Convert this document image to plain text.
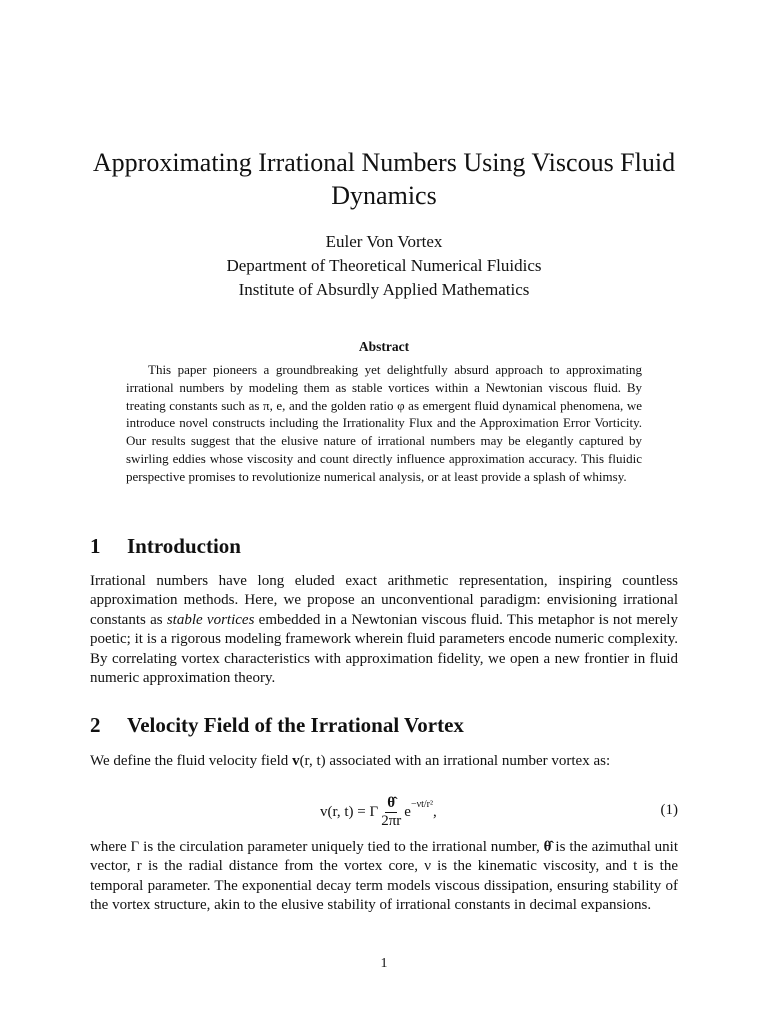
Approximating Irrational Numbers Using Viscous Fluid Dynamics
Euler Von Vortex
Department of Theoretical Numerical Fluidics
Institute of Absurdly Applied Mathematics
Abstract

This paper pioneers a groundbreaking yet delightfully absurd approach to approximating irrational numbers by modeling them as stable vortices within a Newtonian viscous fluid. By treating constants such as π, e, and the golden ratio φ as emergent fluid dynamical phenomena, we introduce novel constructs including the Irrationality Flux and the Approximation Error Vorticity. Our results suggest that the elusive nature of irrational numbers may be elegantly captured by swirling eddies whose viscosity and count directly influence approximation accuracy. This fluidic perspective promises to revolutionize numerical analysis, or at least provide a splash of whimsy.

1 Introduction

Irrational numbers have long eluded exact arithmetic representation, inspiring countless approximation methods. Here, we propose an unconventional paradigm: envisioning irrational constants as stable vortices embedded in a Newtonian viscous fluid. This metaphor is not merely poetic; it is a rigorous modeling framework wherein fluid parameters encode numeric complexity. By correlating vortex characteristics with approximation fidelity, we open a new frontier in fluid numeric approximation theory.

2 Velocity Field of the Irrational Vortex

We define the fluid velocity field v(r, t) associated with an irrational number vortex as:

v(r, t) = Γ $\frac{\thetâ}{2\pi r}$ e −νt/r² ,	(1)

where Γ is the circulation parameter uniquely tied to the irrational number, θ̂ is the azimuthal unit vector, r is the radial distance from the vortex core, ν is the kinematic viscosity, and t is the temporal parameter. The exponential decay term models viscous dissipation, ensuring stability of the vortex structure, akin to the elusive stability of irrational constants in decimal expansions.

1
